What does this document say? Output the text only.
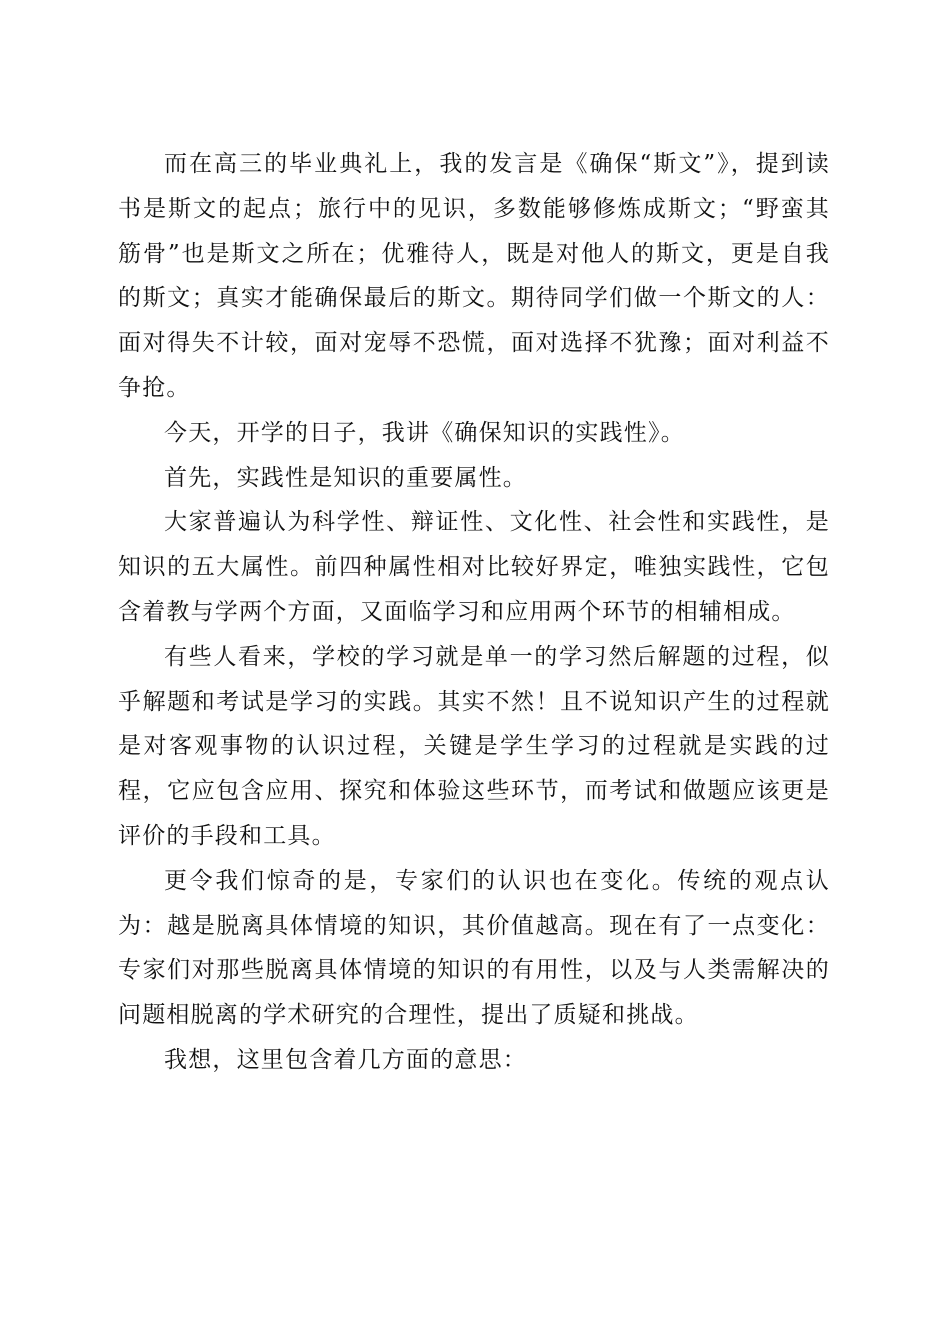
而在高三的毕业典礼上，我的发言是《确保“斯文”》，提到读书是斯文的起点；旅行中的见识，多数能够修炼成斯文；“野蛮其筋骨”也是斯文之所在；优雅待人，既是对他人的斯文，更是自我的斯文；真实才能确保最后的斯文。期待同学们做一个斯文的人：面对得失不计较，面对宠辱不恐慌，面对选择不犹豫；面对利益不争抢。

今天，开学的日子，我讲《确保知识的实践性》。

首先，实践性是知识的重要属性。

大家普遍认为科学性、辩证性、文化性、社会性和实践性，是知识的五大属性。前四种属性相对比较好界定，唯独实践性，它包含着教与学两个方面，又面临学习和应用两个环节的相辅相成。

有些人看来，学校的学习就是单一的学习然后解题的过程，似乎解题和考试是学习的实践。其实不然！且不说知识产生的过程就是对客观事物的认识过程，关键是学生学习的过程就是实践的过程，它应包含应用、探究和体验这些环节，而考试和做题应该更是评价的手段和工具。

更令我们惊奇的是，专家们的认识也在变化。传统的观点认为：越是脱离具体情境的知识，其价值越高。现在有了一点变化：专家们对那些脱离具体情境的知识的有用性，以及与人类需解决的问题相脱离的学术研究的合理性，提出了质疑和挑战。

我想，这里包含着几方面的意思：
